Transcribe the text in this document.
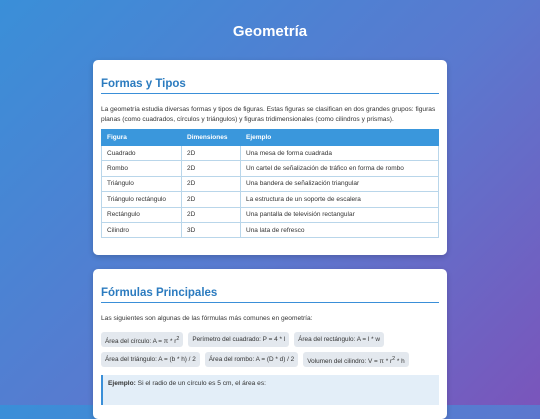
Geometría
Formas y Tipos

La geometría estudia diversas formas y tipos de figuras. Estas figuras se clasifican en dos grandes grupos: figuras planas (como cuadrados, círculos y triángulos) y figuras tridimensionales (como cilindros y prismas).

Figura	Dimensiones	Ejemplo
Cuadrado	2D	Una mesa de forma cuadrada
Rombo	2D	Un cartel de señalización de tráfico en forma de rombo
Triángulo	2D	Una bandera de señalización triangular
Triángulo rectángulo	2D	La estructura de un soporte de escalera
Rectángulo	2D	Una pantalla de televisión rectangular
Cilindro	3D	Una lata de refresco
Fórmulas Principales

Las siguientes son algunas de las fórmulas más comunes en geometría:

Área del círculo: $A = \pi * r^2$	Perímetro del cuadrado: P = 4 * l	Área del rectángulo: A = l * w
Área del triángulo: A = (b * h) / 2	Área del rombo: A = (D * d) / 2	Volumen del cilindro: $V = \pi * r^2 * h$
Ejemplo: Si el radio de un círculo es 5 cm, el área es:
